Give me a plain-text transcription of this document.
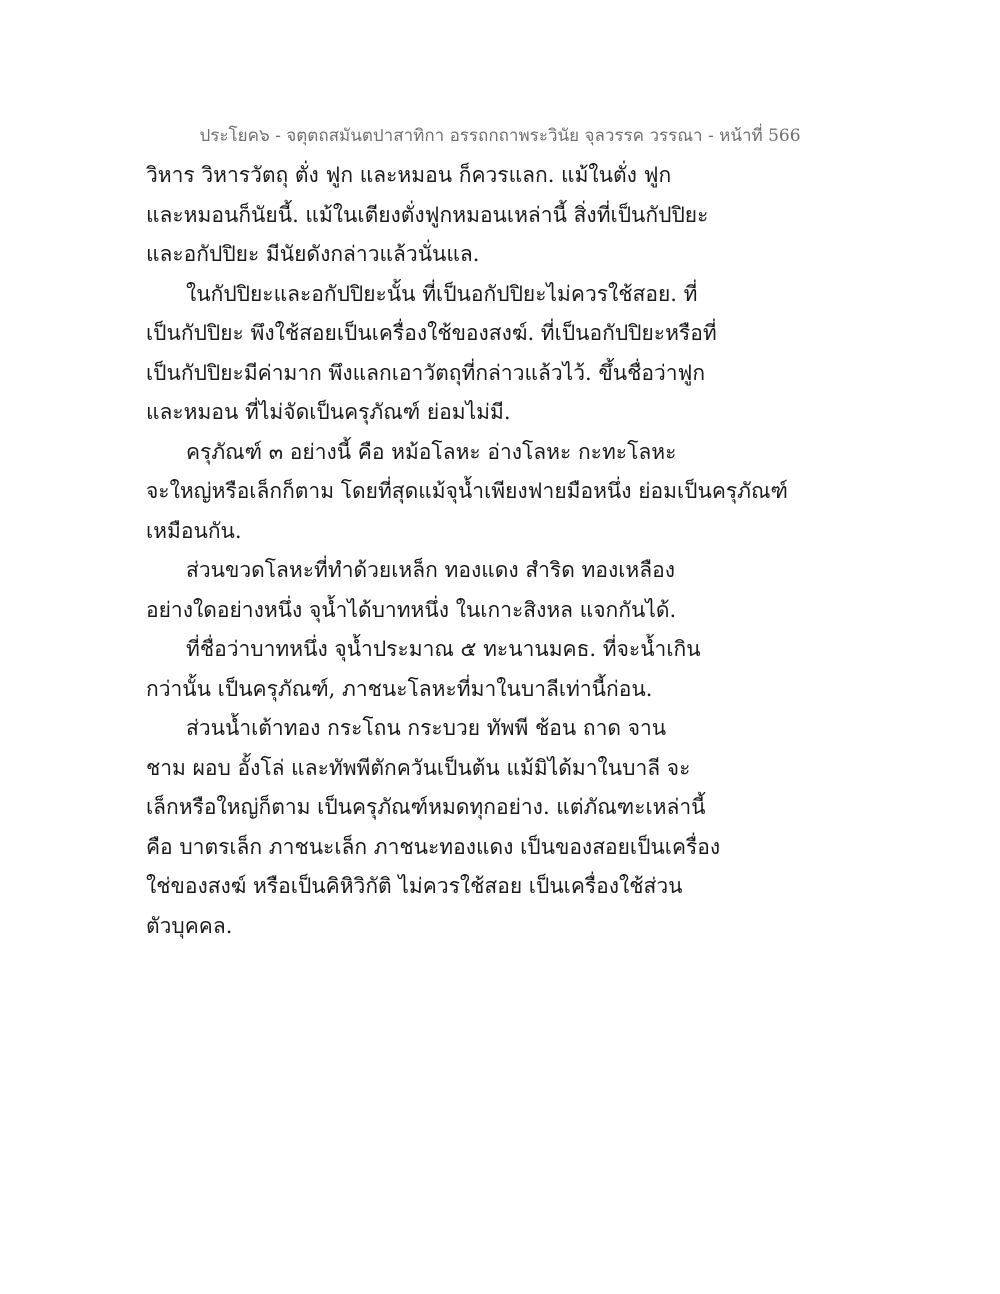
ประโยค๖ - จตุตถสมันตปาสาทิกา อรรถกถาพระวินัย จุลวรรค วรรณา - หน้าที่ 566
วิหาร วิหารวัตถุ ตั่ง ฟูก และหมอน ก็ควรแลก. แม้ในตั่ง ฟูก
และหมอนก็นัยนี้. แม้ในเตียงตั่งฟูกหมอนเหล่านี้ สิ่งที่เป็นกัปปิยะ
และอกัปปิยะ มีนัยดังกล่าวแล้วนั่นแล.
ในกัปปิยะและอกัปปิยะนั้น ที่เป็นอกัปปิยะไม่ควรใช้สอย. ที่
เป็นกัปปิยะ พึงใช้สอยเป็นเครื่องใช้ของสงฆ์. ที่เป็นอกัปปิยะหรือที่
เป็นกัปปิยะมีค่ามาก พึงแลกเอาวัตถุที่กล่าวแล้วไว้. ขึ้นชื่อว่าฟูก
และหมอน ที่ไม่จัดเป็นครุภัณฑ์ ย่อมไม่มี.
ครุภัณฑ์ ๓ อย่างนี้ คือ หม้อโลหะ อ่างโลหะ กะทะโลหะ
จะใหญ่หรือเล็กก็ตาม โดยที่สุดแม้จุน้ำเพียงฟายมือหนึ่ง ย่อมเป็นครุภัณฑ์
เหมือนกัน.
ส่วนขวดโลหะที่ทำด้วยเหล็ก ทองแดง สำริด ทองเหลือง
อย่างใดอย่างหนึ่ง จุน้ำได้บาทหนึ่ง ในเกาะสิงหล แจกกันได้.
ที่ชื่อว่าบาทหนึ่ง จุน้ำประมาณ ๕ ทะนานมคธ. ที่จะน้ำเกิน
กว่านั้น เป็นครุภัณฑ์, ภาชนะโลหะที่มาในบาลีเท่านี้ก่อน.
ส่วนน้ำเต้าทอง กระโถน กระบวย ทัพพี ช้อน ถาด จาน
ชาม ผอบ อั้งโล่ และทัพพีตักควันเป็นต้น แม้มิได้มาในบาลี จะ
เล็กหรือใหญ่ก็ตาม เป็นครุภัณฑ์หมดทุกอย่าง. แต่ภัณฑะเหล่านี้
คือ บาตรเล็ก ภาชนะเล็ก ภาชนะทองแดง เป็นของสอยเป็นเครื่อง
ใช่ของสงฆ์ หรือเป็นคิหิวิกัติ ไม่ควรใช้สอย เป็นเครื่องใช้ส่วน
ตัวบุคคล.
